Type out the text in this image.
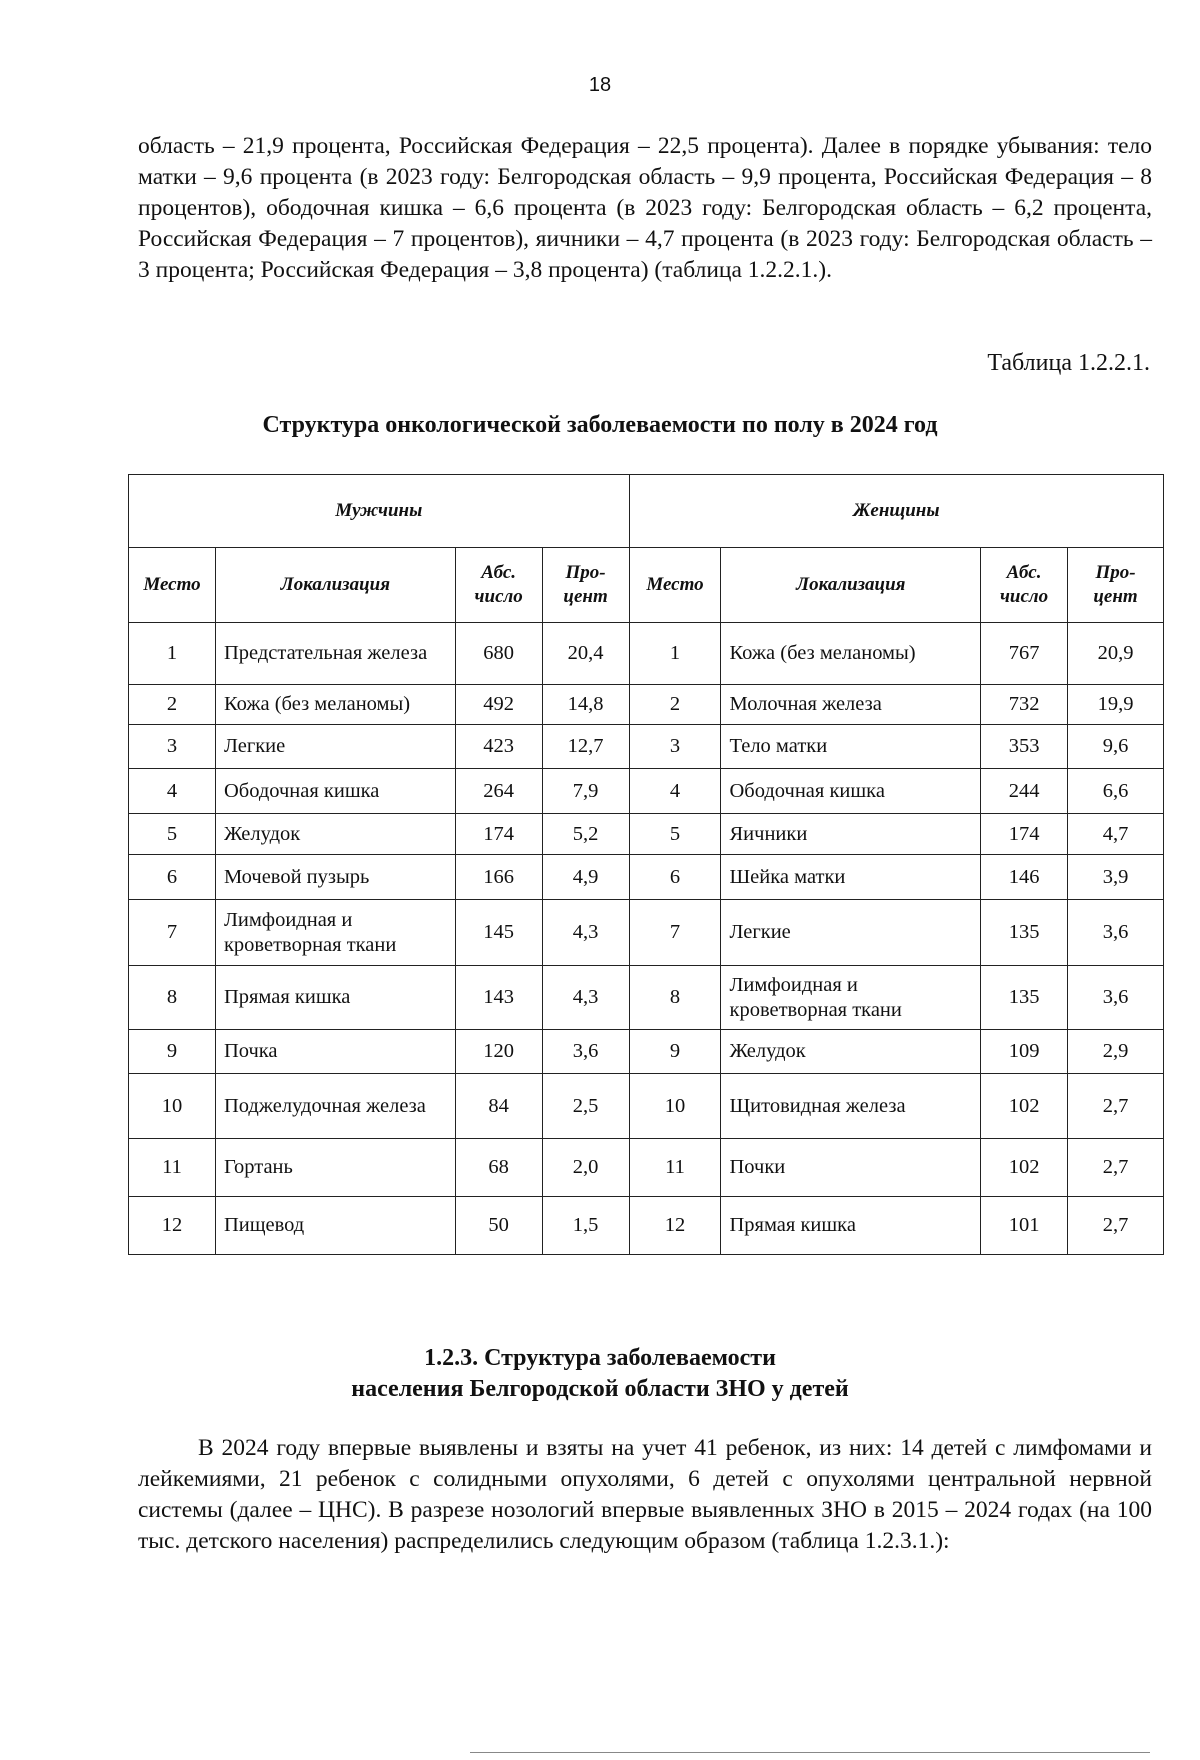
18

область – 21,9 процента, Российская Федерация – 22,5 процента). Далее в порядке убывания: тело матки – 9,6 процента (в 2023 году: Белгородская область – 9,9 процента, Российская Федерация – 8 процентов), ободочная кишка – 6,6 процента (в 2023 году: Белгородская область – 6,2 процента, Российская Федерация – 7 процентов), яичники – 4,7 процента (в 2023 году: Белгородская область – 3 процента; Российская Федерация – 3,8 процента) (таблица 1.2.2.1.).

Таблица 1.2.2.1.
Структура онкологической заболеваемости по полу в 2024 год
Мужчины				Женщины			
Место	Локализация	Абс. число	Про-цент	Место	Локализация	Абс. число	Про-цент
1	Предстательная железа	680	20,4	1	Кожа (без меланомы)	767	20,9
2	Кожа (без меланомы)	492	14,8	2	Молочная железа	732	19,9
3	Легкие	423	12,7	3	Тело матки	353	9,6
4	Ободочная кишка	264	7,9	4	Ободочная кишка	244	6,6
5	Желудок	174	5,2	5	Яичники	174	4,7
6	Мочевой пузырь	166	4,9	6	Шейка матки	146	3,9
7	Лимфоидная и кроветворная ткани	145	4,3	7	Легкие	135	3,6
8	Прямая кишка	143	4,3	8	Лимфоидная и кроветворная ткани	135	3,6
9	Почка	120	3,6	9	Желудок	109	2,9
10	Поджелудочная железа	84	2,5	10	Щитовидная железа	102	2,7
11	Гортань	68	2,0	11	Почки	102	2,7
12	Пищевод	50	1,5	12	Прямая кишка	101	2,7
1.2.3. Структура заболеваемости
населения Белгородской области ЗНО у детей

В 2024 году впервые выявлены и взяты на учет 41 ребенок, из них: 14 детей с лимфомами и лейкемиями, 21 ребенок с солидными опухолями, 6 детей с опухолями центральной нервной системы (далее – ЦНС). В разрезе нозологий впервые выявленных ЗНО в 2015 – 2024 годах (на 100 тыс. детского населения) распределились следующим образом (таблица 1.2.3.1.):
